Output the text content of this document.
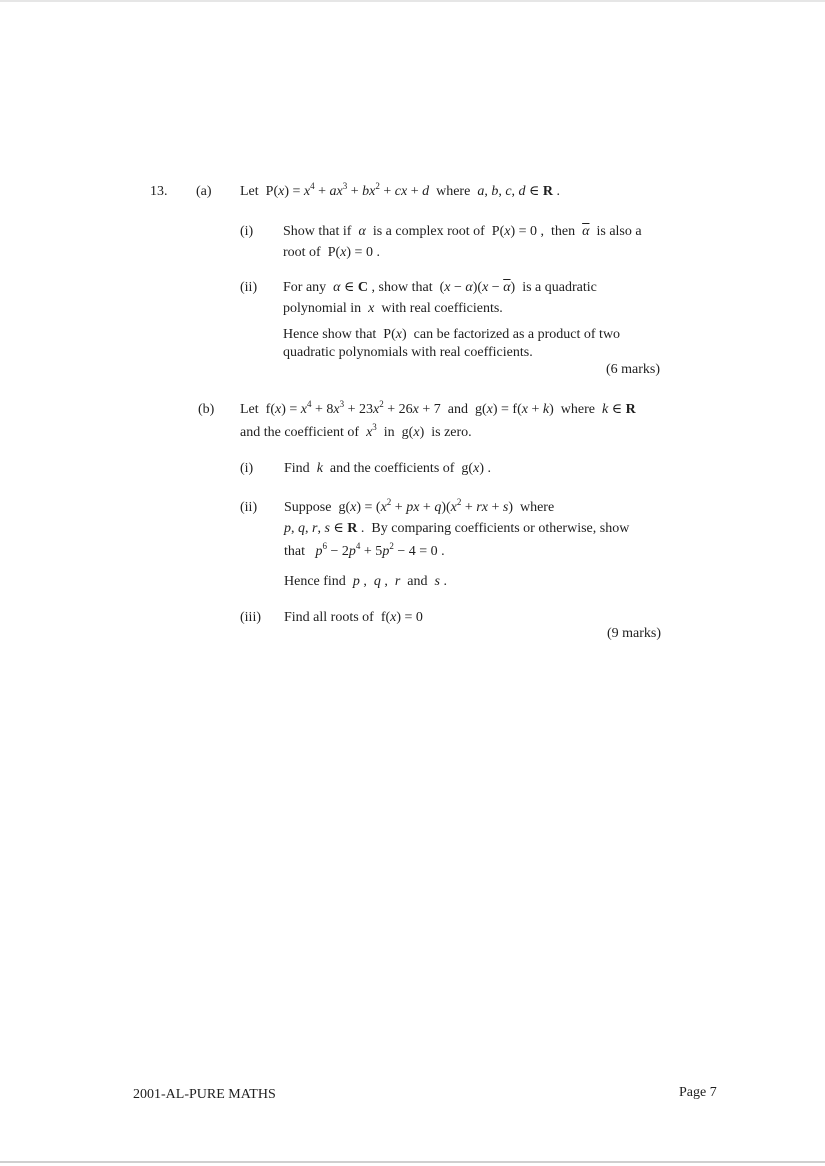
13. (a) Let  $P(x) = x^4 + ax^3 + bx^2$ + cx + d  where  a, b, c, d ∈ R .
(i) Show that if  α  is a complex root of  P(x) = 0 ,  then  $\overline{\alpha}$  is also a
root of  P(x) = 0 .
(ii) For any  α ∈ C , show that  $(x - \alpha)(x - \overline{\alpha})$  is a quadratic
polynomial in  x  with real coefficients.
Hence show that  P(x)  can be factorized as a product of two
quadratic polynomials with real coefficients.
(6 marks)
(b) Let  $f(x) = x^4 + 8x^3 + 23x^2 + 26x + 7$  and  g(x) = f(x + k)  where  k ∈ R
and the coefficient of  $x^3$  in  g(x)  is zero.
(i) Find  k  and the coefficients of  g(x) .
(ii) Suppose  $g(x) = (x^2$ + px + $q)(x^2$ + rx + s)  where
p, q, r, s ∈ R .  By comparing coefficients or otherwise, show
that   $p^6 - 2p^4 + 5p^2 - 4 = 0$ .
Hence find  p ,  q ,  r  and  s .
(iii) Find all roots of  f(x) = 0
(9 marks)
2001-AL-PURE MATHS	Page 7
